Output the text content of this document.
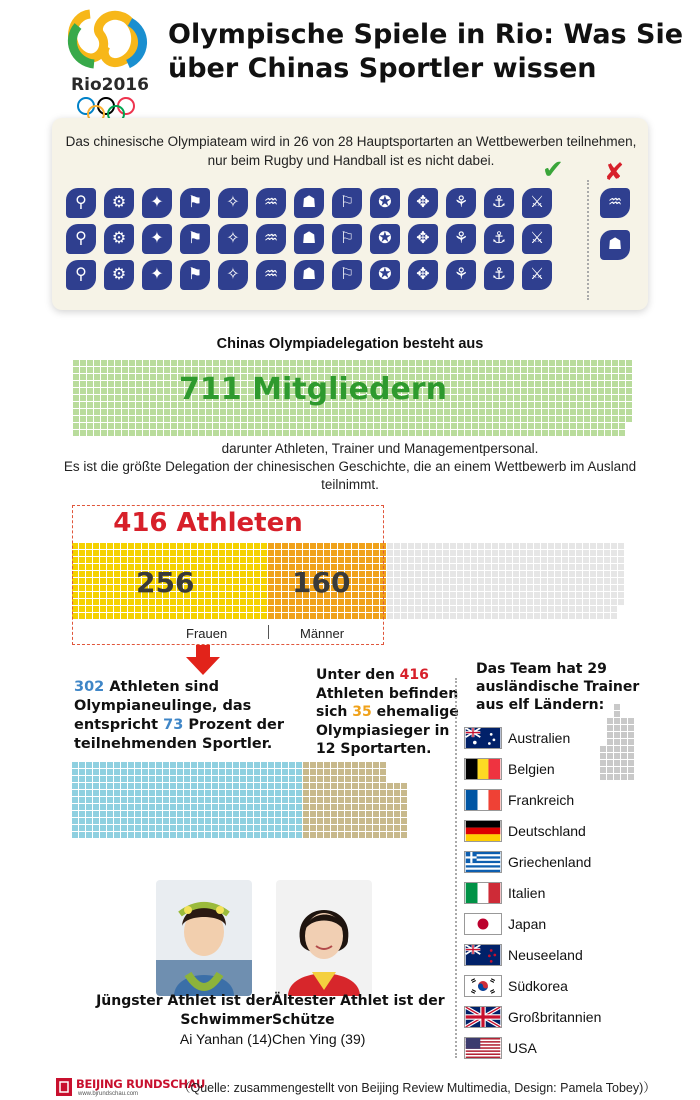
Rio2016
Olympische Spiele in Rio: Was Sie über Chinas Sportler wissen
Das chinesische Olympiateam wird in 26 von 28 Hauptsportarten an Wettbewerben teilnehmen, nur beim Rugby und Handball ist es nicht dabei.	✔ ✘
⚲ ⚙ ✦ ⚑ ✧ ♒ ☗ ⚐ ✪ ✥ ⚘ ⚓ ⚔
⚲ ⚙ ✦ ⚑ ✧ ♒ ☗ ⚐ ✪ ✥ ⚘ ⚓ ⚔
⚲ ⚙ ✦ ⚑ ✧ ♒ ☗ ⚐ ✪ ✥ ⚘ ⚓ ⚔
♒
☗
Chinas Olympiadelegation besteht aus
711 Mitgliedern
darunter Athleten, Trainer und Managementpersonal.
Es ist die größte Delegation der chinesischen Geschichte, die an einem Wettbewerb im Ausland teilnimmt.
416 Athleten
256	160
Frauen	Männer
302 Athleten sind Olympianeulinge, das entspricht 73 Prozent der teilnehmenden Sportler.
Unter den 416 Athleten befinden sich 35 ehemalige Olympiasieger in 12 Sportarten.
Das Team hat 29 ausländische Trainer aus elf Ländern:
Australien
Belgien
Frankreich
Deutschland
Griechenland
Italien
Japan
Neuseeland
Südkorea
Großbritannien
USA
Jüngster Athlet ist der Schwimmer
Ai Yanhan (14)
Ältester Athlet ist der Schütze
Chen Ying (39)
BEIJING RUNDSCHAU
www.bjrundschau.com	（Quelle: zusammengestellt von Beijing Review Multimedia, Design: Pamela Tobey)）
